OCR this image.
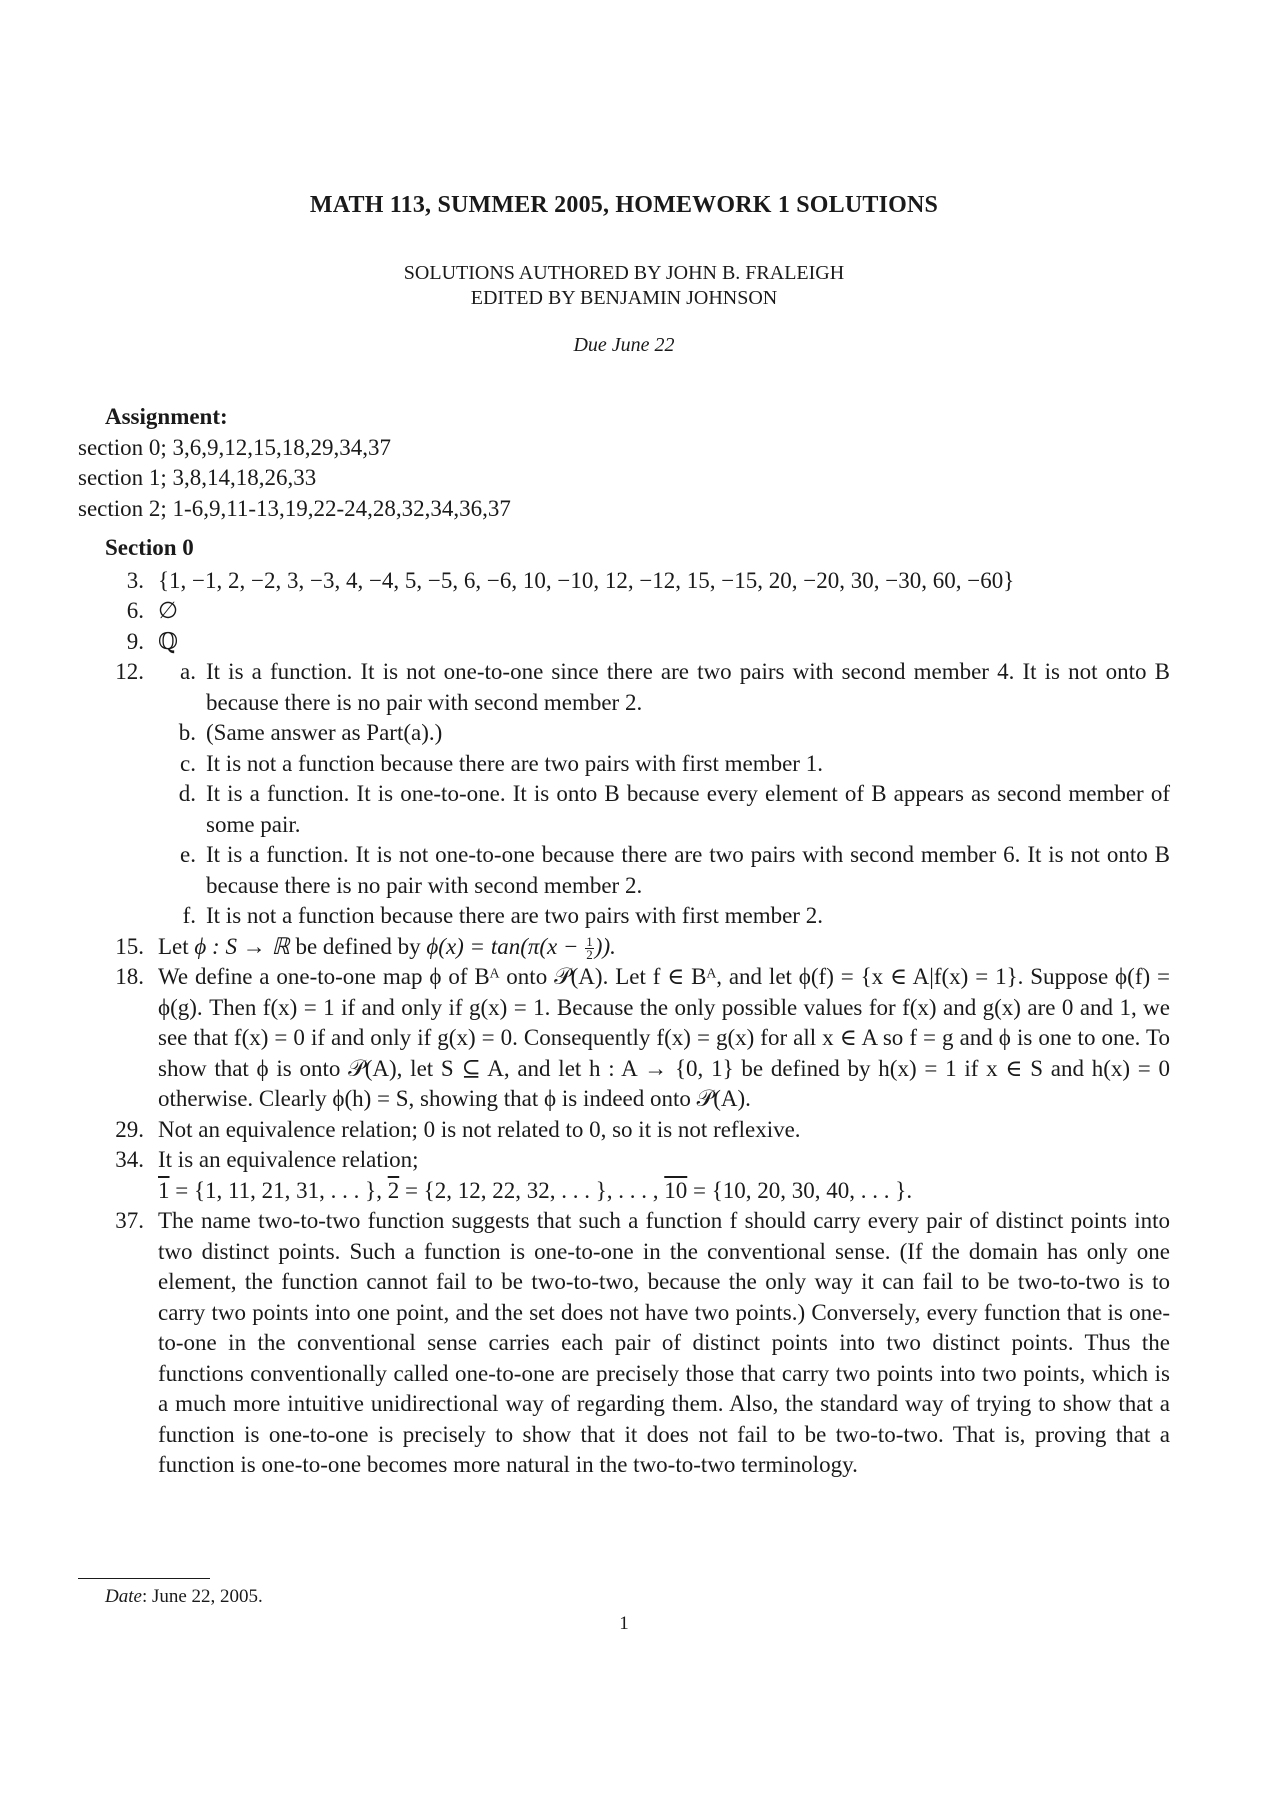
MATH 113, SUMMER 2005, HOMEWORK 1 SOLUTIONS
SOLUTIONS AUTHORED BY JOHN B. FRALEIGH
EDITED BY BENJAMIN JOHNSON
Due June 22

Assignment:

section 0; 3,6,9,12,15,18,29,34,37

section 1; 3,8,14,18,26,33

section 2; 1-6,9,11-13,19,22-24,28,32,34,36,37

Section 0

3. {1, −1, 2, −2, 3, −3, 4, −4, 5, −5, 6, −6, 10, −10, 12, −12, 15, −15, 20, −20, 30, −30, 60, −60}
6. ∅
9. ℚ
12.	a. It is a function. It is not one-to-one since there are two pairs with second member 4. It is not onto B because there is no pair with second member 2.
b. (Same answer as Part(a).)
c. It is not a function because there are two pairs with first member 1.
d. It is a function. It is one-to-one. It is onto B because every element of B appears as second member of some pair.
e. It is a function. It is not one-to-one because there are two pairs with second member 6. It is not onto B because there is no pair with second member 2.
f. It is not a function because there are two pairs with first member 2.
15. Let ϕ : S → ℝ be defined by $\phi(x) = \tan(\pi(x - \frac{1}{2}$ )).
18. We define a one-to-one map ϕ of Bᴬ onto 𝒫(A). Let f ∈ Bᴬ, and let ϕ(f) = {x ∈ A|f(x) = 1}. Suppose ϕ(f) = ϕ(g). Then f(x) = 1 if and only if g(x) = 1. Because the only possible values for f(x) and g(x) are 0 and 1, we see that f(x) = 0 if and only if g(x) = 0. Consequently f(x) = g(x) for all x ∈ A so f = g and ϕ is one to one. To show that ϕ is onto 𝒫(A), let S ⊆ A, and let h : A → {0, 1} be defined by h(x) = 1 if x ∈ S and h(x) = 0 otherwise. Clearly ϕ(h) = S, showing that ϕ is indeed onto 𝒫(A).
29. Not an equivalence relation; 0 is not related to 0, so it is not reflexive.
34. It is an equivalence relation;
1 = {1, 11, 21, 31, . . . }, 2 = {2, 12, 22, 32, . . . }, . . . , 10 = {10, 20, 30, 40, . . . }.
37. The name two-to-two function suggests that such a function f should carry every pair of distinct points into two distinct points. Such a function is one-to-one in the conventional sense. (If the domain has only one element, the function cannot fail to be two-to-two, because the only way it can fail to be two-to-two is to carry two points into one point, and the set does not have two points.) Conversely, every function that is one-to-one in the conventional sense carries each pair of distinct points into two distinct points. Thus the functions conventionally called one-to-one are precisely those that carry two points into two points, which is a much more intuitive unidirectional way of regarding them. Also, the standard way of trying to show that a function is one-to-one is precisely to show that it does not fail to be two-to-two. That is, proving that a function is one-to-one becomes more natural in the two-to-two terminology.
Date: June 22, 2005.
1
